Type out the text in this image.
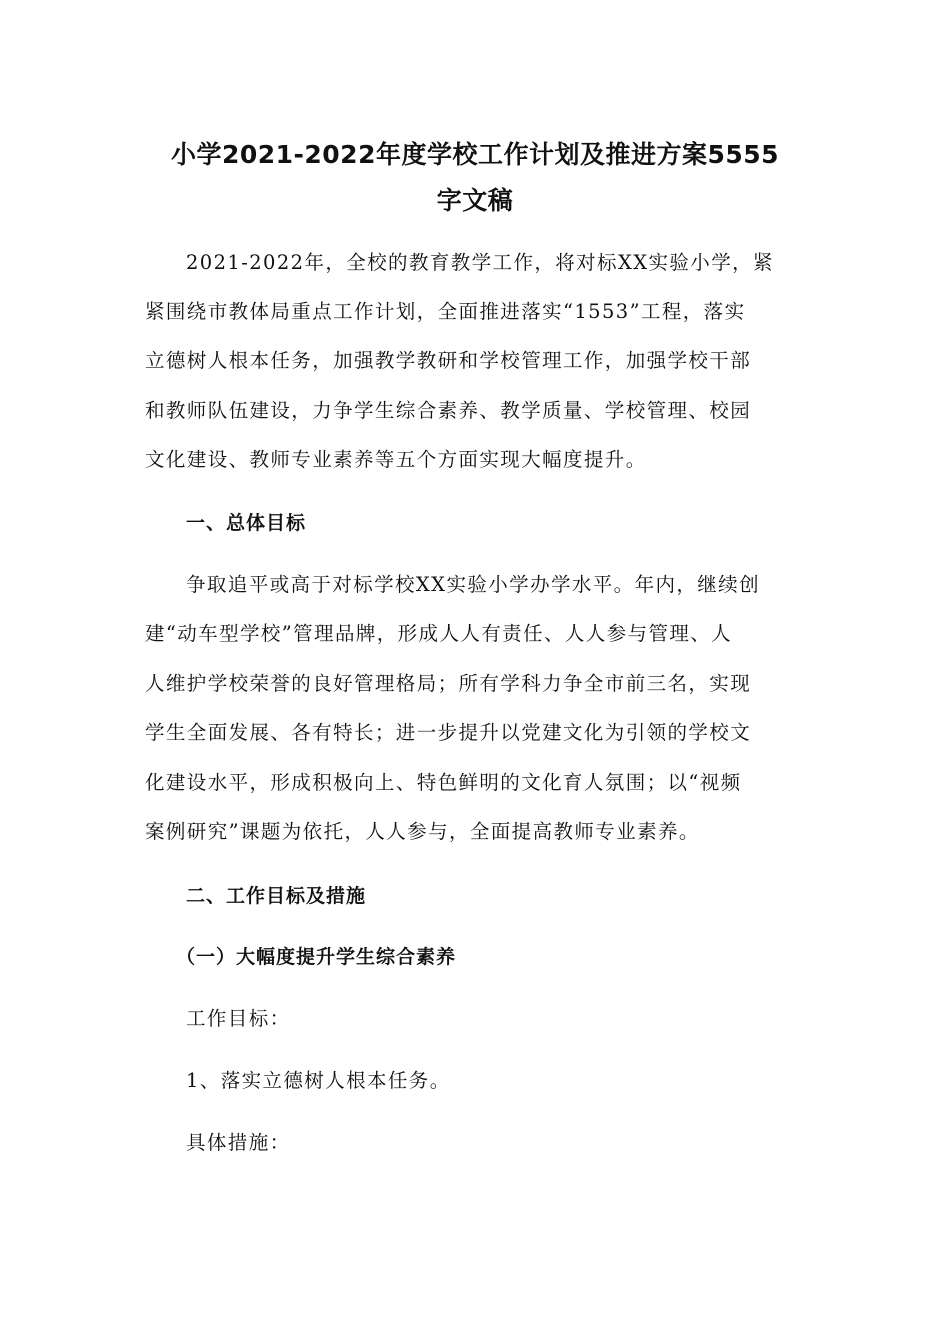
小学2021-2022年度学校工作计划及推进方案5555
字文稿
2021-2022年，全校的教育教学工作，将对标XX实验小学，紧
紧围绕市教体局重点工作计划，全面推进落实“1553”工程，落实
立德树人根本任务，加强教学教研和学校管理工作，加强学校干部
和教师队伍建设，力争学生综合素养、教学质量、学校管理、校园
文化建设、教师专业素养等五个方面实现大幅度提升。
一、总体目标
争取追平或高于对标学校XX实验小学办学水平。年内，继续创
建“动车型学校”管理品牌，形成人人有责任、人人参与管理、人
人维护学校荣誉的良好管理格局；所有学科力争全市前三名，实现
学生全面发展、各有特长；进一步提升以党建文化为引领的学校文
化建设水平，形成积极向上、特色鲜明的文化育人氛围；以“视频
案例研究”课题为依托，人人参与，全面提高教师专业素养。
二、工作目标及措施
（一）大幅度提升学生综合素养
工作目标：
1、落实立德树人根本任务。
具体措施：
